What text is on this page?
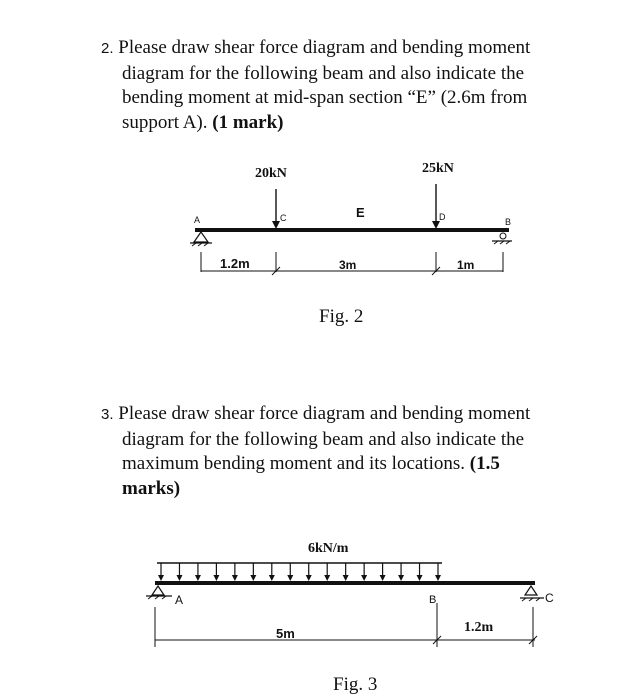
2. Please draw shear force diagram and bending moment

diagram for the following beam and also indicate the

bending moment at mid-span section “E” (2.6m from

support A). (1 mark)

20kN	25kN
A	B
C	D
E
1.2m	3m	1m
Fig. 2
6kN/m
A	B	C
5m	1.2m
Fig. 3

3. Please draw shear force diagram and bending moment

diagram for the following beam and also indicate the

maximum bending moment and its locations. (1.5

marks)
